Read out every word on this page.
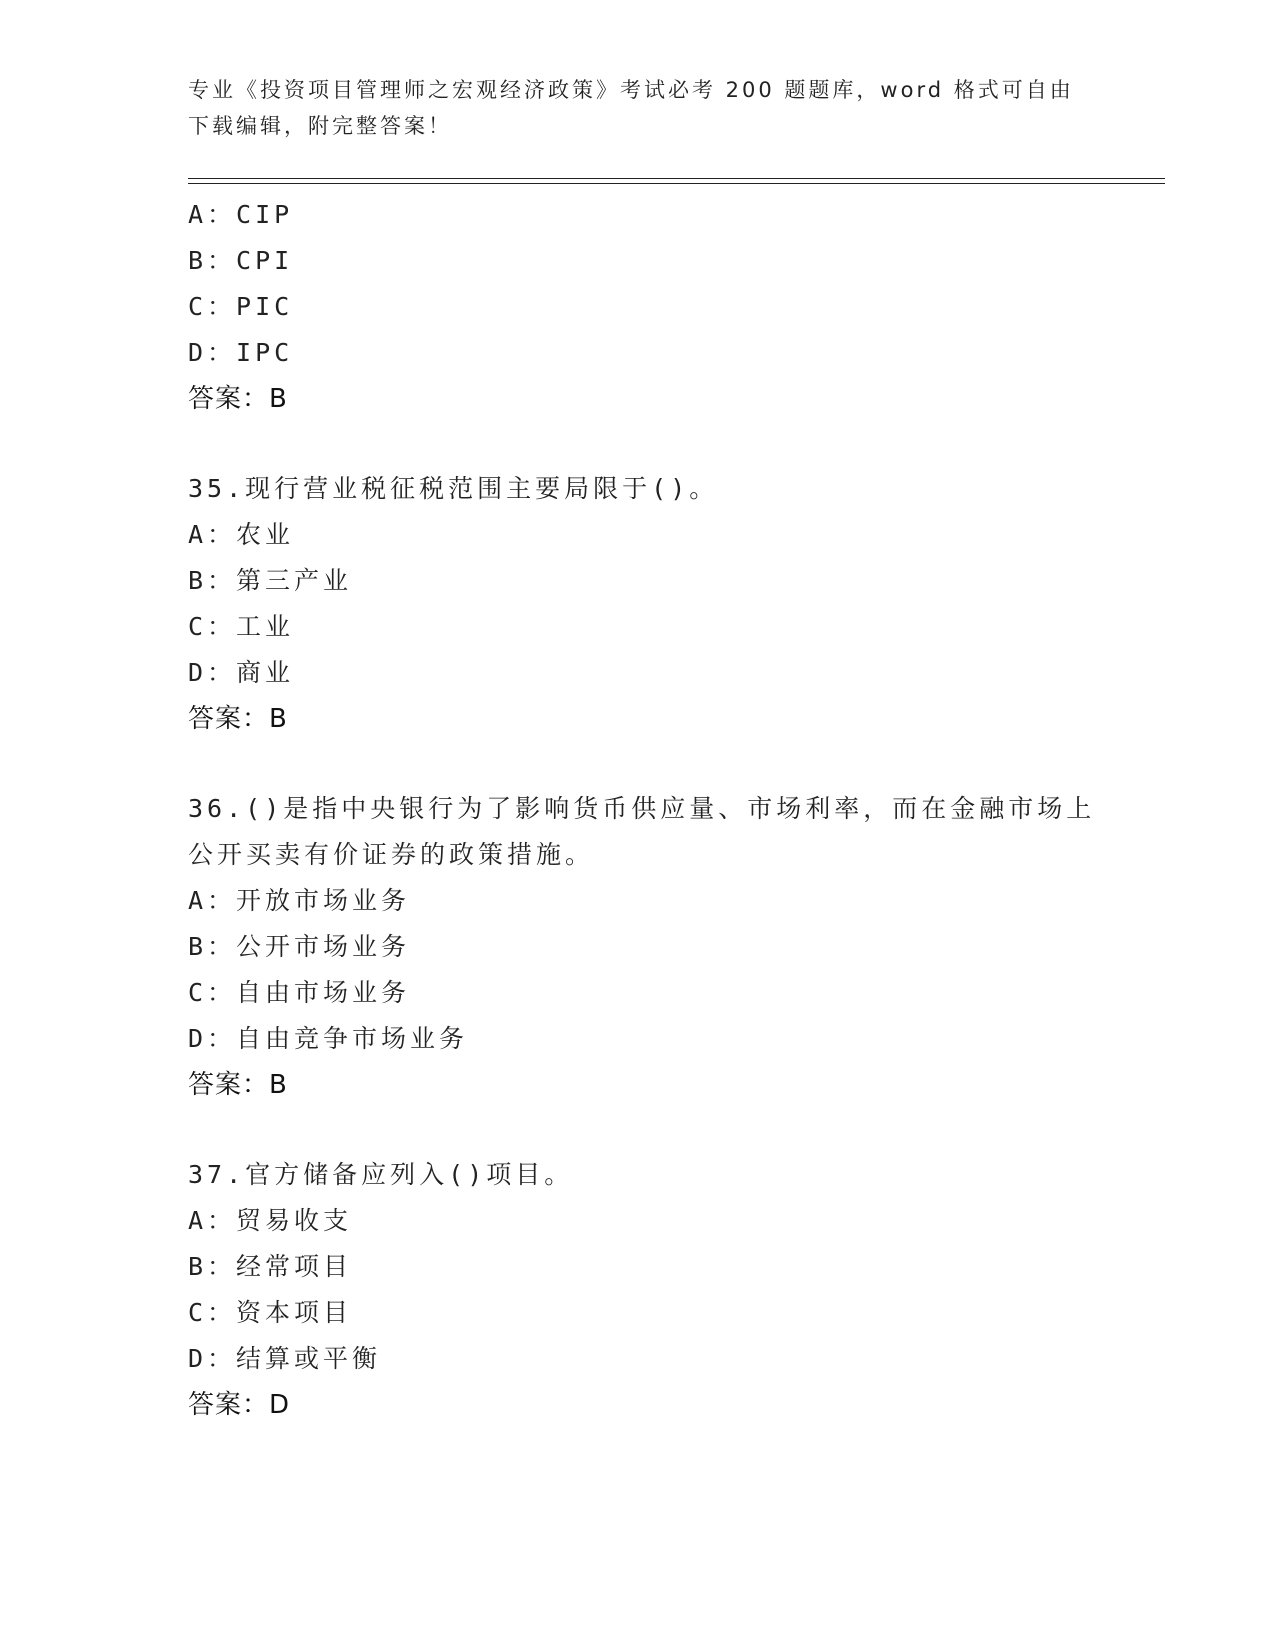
专业《投资项目管理师之宏观经济政策》考试必考 200 题题库，word 格式可自由
下载编辑，附完整答案！
A：CIP
B：CPI
C：PIC
D：IPC
答案：B
35.现行营业税征税范围主要局限于()。
A：农业
B：第三产业
C：工业
D：商业
答案：B
36.()是指中央银行为了影响货币供应量、市场利率，而在金融市场上
公开买卖有价证券的政策措施。
A：开放市场业务
B：公开市场业务
C：自由市场业务
D：自由竞争市场业务
答案：B
37.官方储备应列入()项目。
A：贸易收支
B：经常项目
C：资本项目
D：结算或平衡
答案：D
